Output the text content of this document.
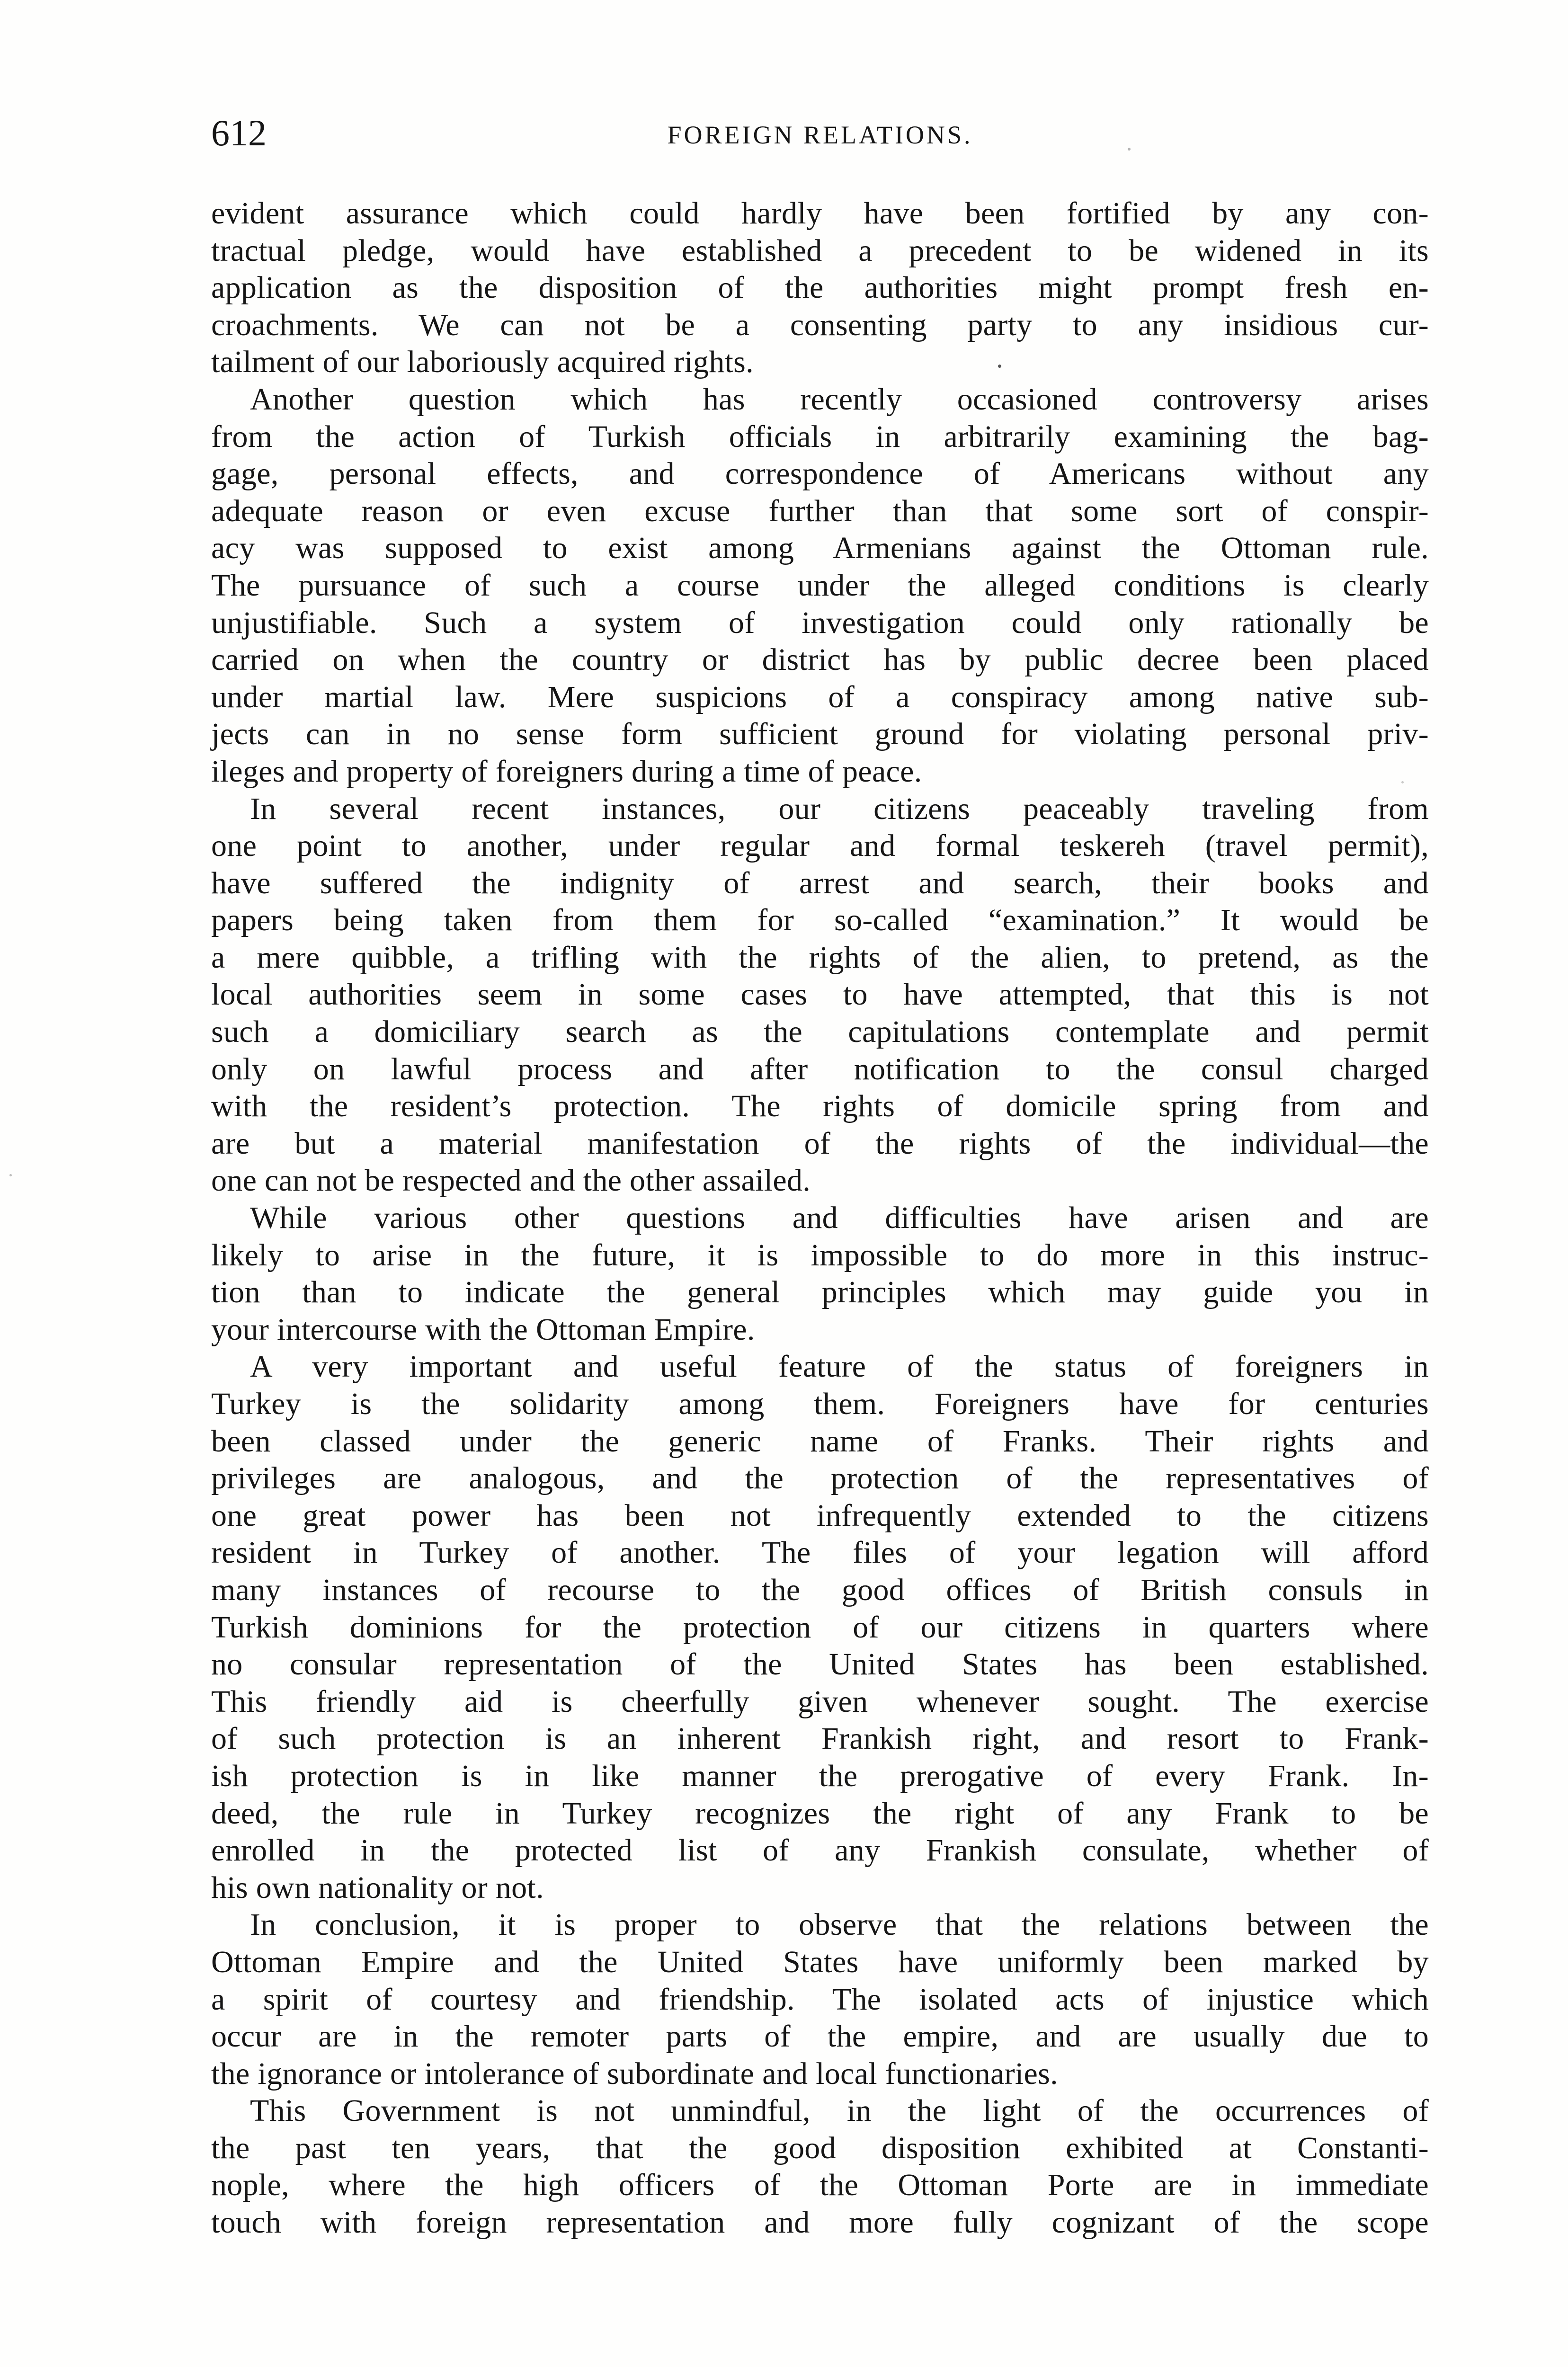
612	FOREIGN RELATIONS.
evident assurance which could hardly have been fortified by any con-
tractual pledge, would have established a precedent to be widened in its
application as the disposition of the authorities might prompt fresh en-
croachments. We can not be a consenting party to any insidious cur-
tailment of our laboriously acquired rights.
Another question which has recently occasioned controversy arises
from the action of Turkish officials in arbitrarily examining the bag-
gage, personal effects, and correspondence of Americans without any
adequate reason or even excuse further than that some sort of conspir-
acy was supposed to exist among Armenians against the Ottoman rule.
The pursuance of such a course under the alleged conditions is clearly
unjustifiable. Such a system of investigation could only rationally be
carried on when the country or district has by public decree been placed
under martial law. Mere suspicions of a conspiracy among native sub-
jects can in no sense form sufficient ground for violating personal priv-
ileges and property of foreigners during a time of peace.
In several recent instances, our citizens peaceably traveling from
one point to another, under regular and formal teskereh (travel permit),
have suffered the indignity of arrest and search, their books and
papers being taken from them for so-called “examination.” It would be
a mere quibble, a trifling with the rights of the alien, to pretend, as the
local authorities seem in some cases to have attempted, that this is not
such a domiciliary search as the capitulations contemplate and permit
only on lawful process and after notification to the consul charged
with the resident’s protection. The rights of domicile spring from and
are but a material manifestation of the rights of the individual—the
one can not be respected and the other assailed.
While various other questions and difficulties have arisen and are
likely to arise in the future, it is impossible to do more in this instruc-
tion than to indicate the general principles which may guide you in
your intercourse with the Ottoman Empire.
A very important and useful feature of the status of foreigners in
Turkey is the solidarity among them. Foreigners have for centuries
been classed under the generic name of Franks. Their rights and
privileges are analogous, and the protection of the representatives of
one great power has been not infrequently extended to the citizens
resident in Turkey of another. The files of your legation will afford
many instances of recourse to the good offices of British consuls in
Turkish dominions for the protection of our citizens in quarters where
no consular representation of the United States has been established.
This friendly aid is cheerfully given whenever sought. The exercise
of such protection is an inherent Frankish right, and resort to Frank-
ish protection is in like manner the prerogative of every Frank. In-
deed, the rule in Turkey recognizes the right of any Frank to be
enrolled in the protected list of any Frankish consulate, whether of
his own nationality or not.
In conclusion, it is proper to observe that the relations between the
Ottoman Empire and the United States have uniformly been marked by
a spirit of courtesy and friendship. The isolated acts of injustice which
occur are in the remoter parts of the empire, and are usually due to
the ignorance or intolerance of subordinate and local functionaries.
This Government is not unmindful, in the light of the occurrences of
the past ten years, that the good disposition exhibited at Constanti-
nople, where the high officers of the Ottoman Porte are in immediate
touch with foreign representation and more fully cognizant of the scope
